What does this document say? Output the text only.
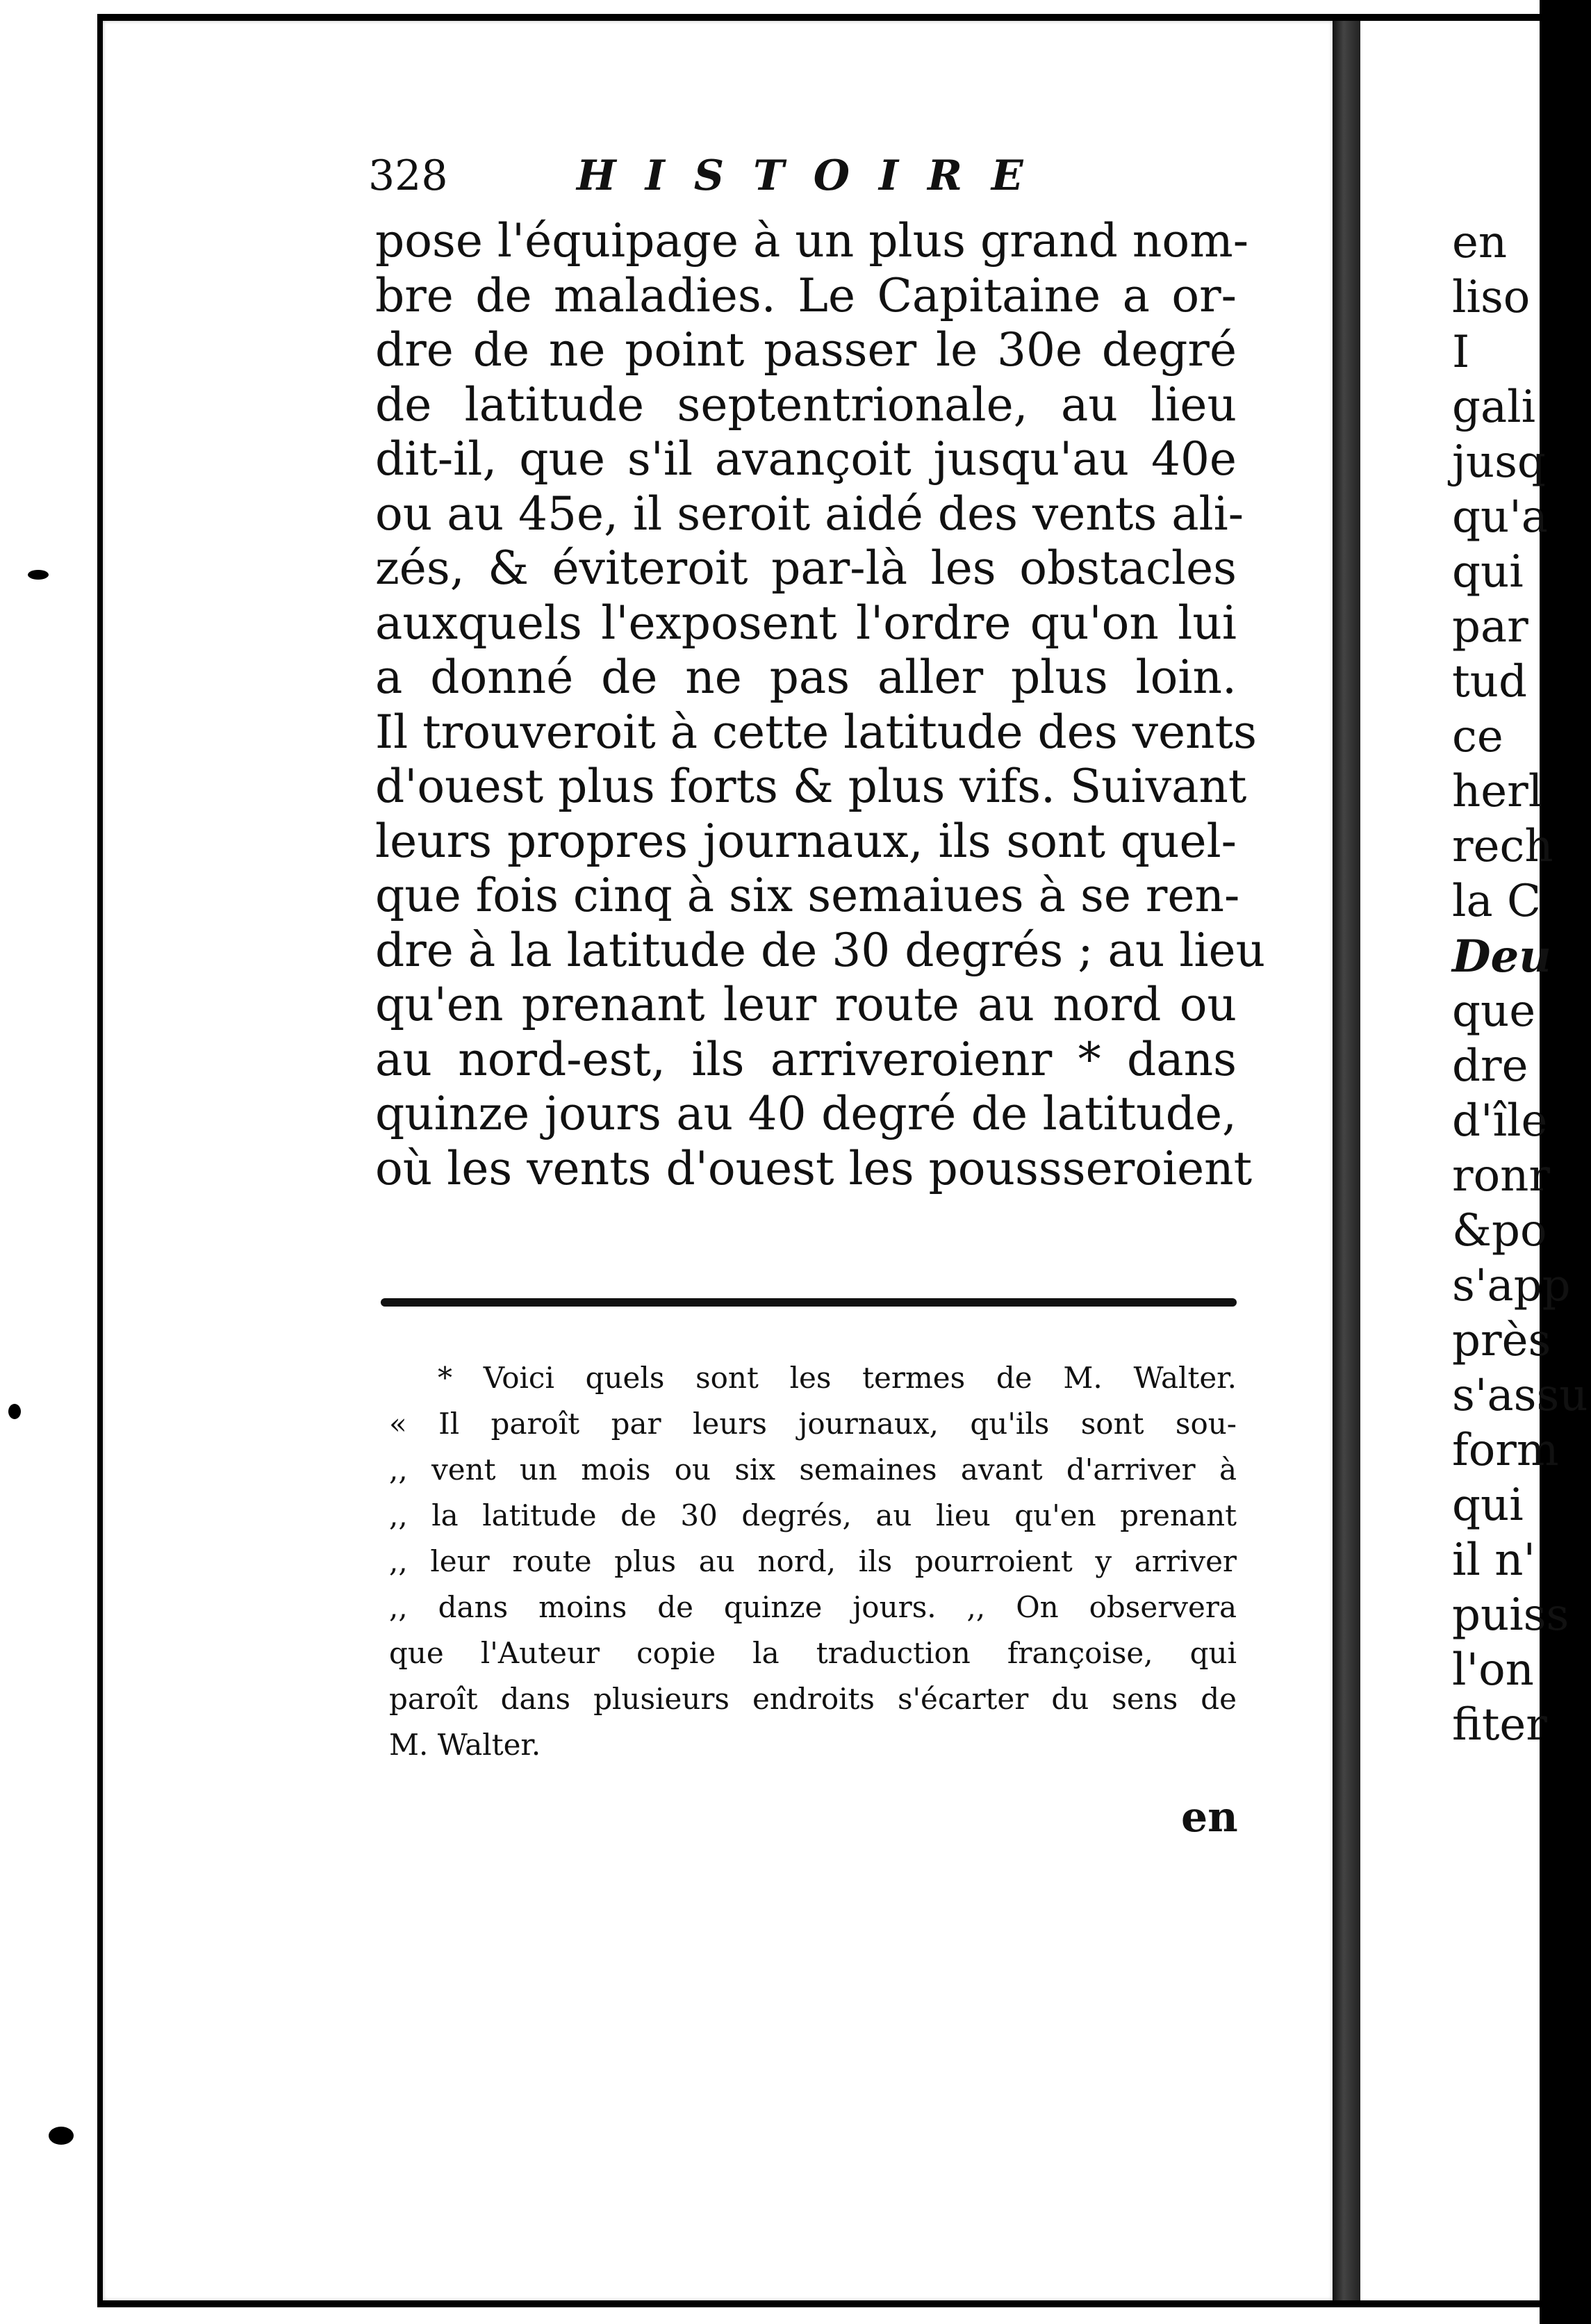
328	HISTOIRE
pose l'équipage à un plus grand nom-
bre de maladies. Le Capitaine a or-
dre de ne point passer le 30e degré
de latitude septentrionale, au lieu
dit-il, que s'il avançoit jusqu'au 40e
ou au 45e, il seroit aidé des vents ali-
zés, & éviteroit par-là les obstacles
auxquels l'exposent l'ordre qu'on lui
a donné de ne pas aller plus loin.
Il trouveroit à cette latitude des vents
d'ouest plus forts & plus vifs. Suivant
leurs propres journaux, ils sont quel-
que fois cinq à six semaiues à se ren-
dre à la latitude de 30 degrés ; au lieu
qu'en prenant leur route au nord ou
au nord-est, ils arriveroienr * dans
quinze jours au 40 degré de latitude,
où les vents d'ouest les poussseroient
* Voici quels sont les termes de M. Walter.
« Il paroît par leurs journaux, qu'ils sont sou-
,, vent un mois ou six semaines avant d'arriver à
,, la latitude de 30 degrés, au lieu qu'en prenant
,, leur route plus au nord, ils pourroient y arriver
,, dans moins de quinze jours. ,, On observera
que l'Auteur copie la traduction françoise, qui
paroît dans plusieurs endroits s'écarter du sens de
M. Walter.
en
en
liso
I
gali
jusq
qu'a
qui
par
tud
ce
herl
rech
la C
Deu
que
dre
d'île
ronr
&po
s'app
près
s'assu
form
qui
il n'
puiss
l'on
fiter
